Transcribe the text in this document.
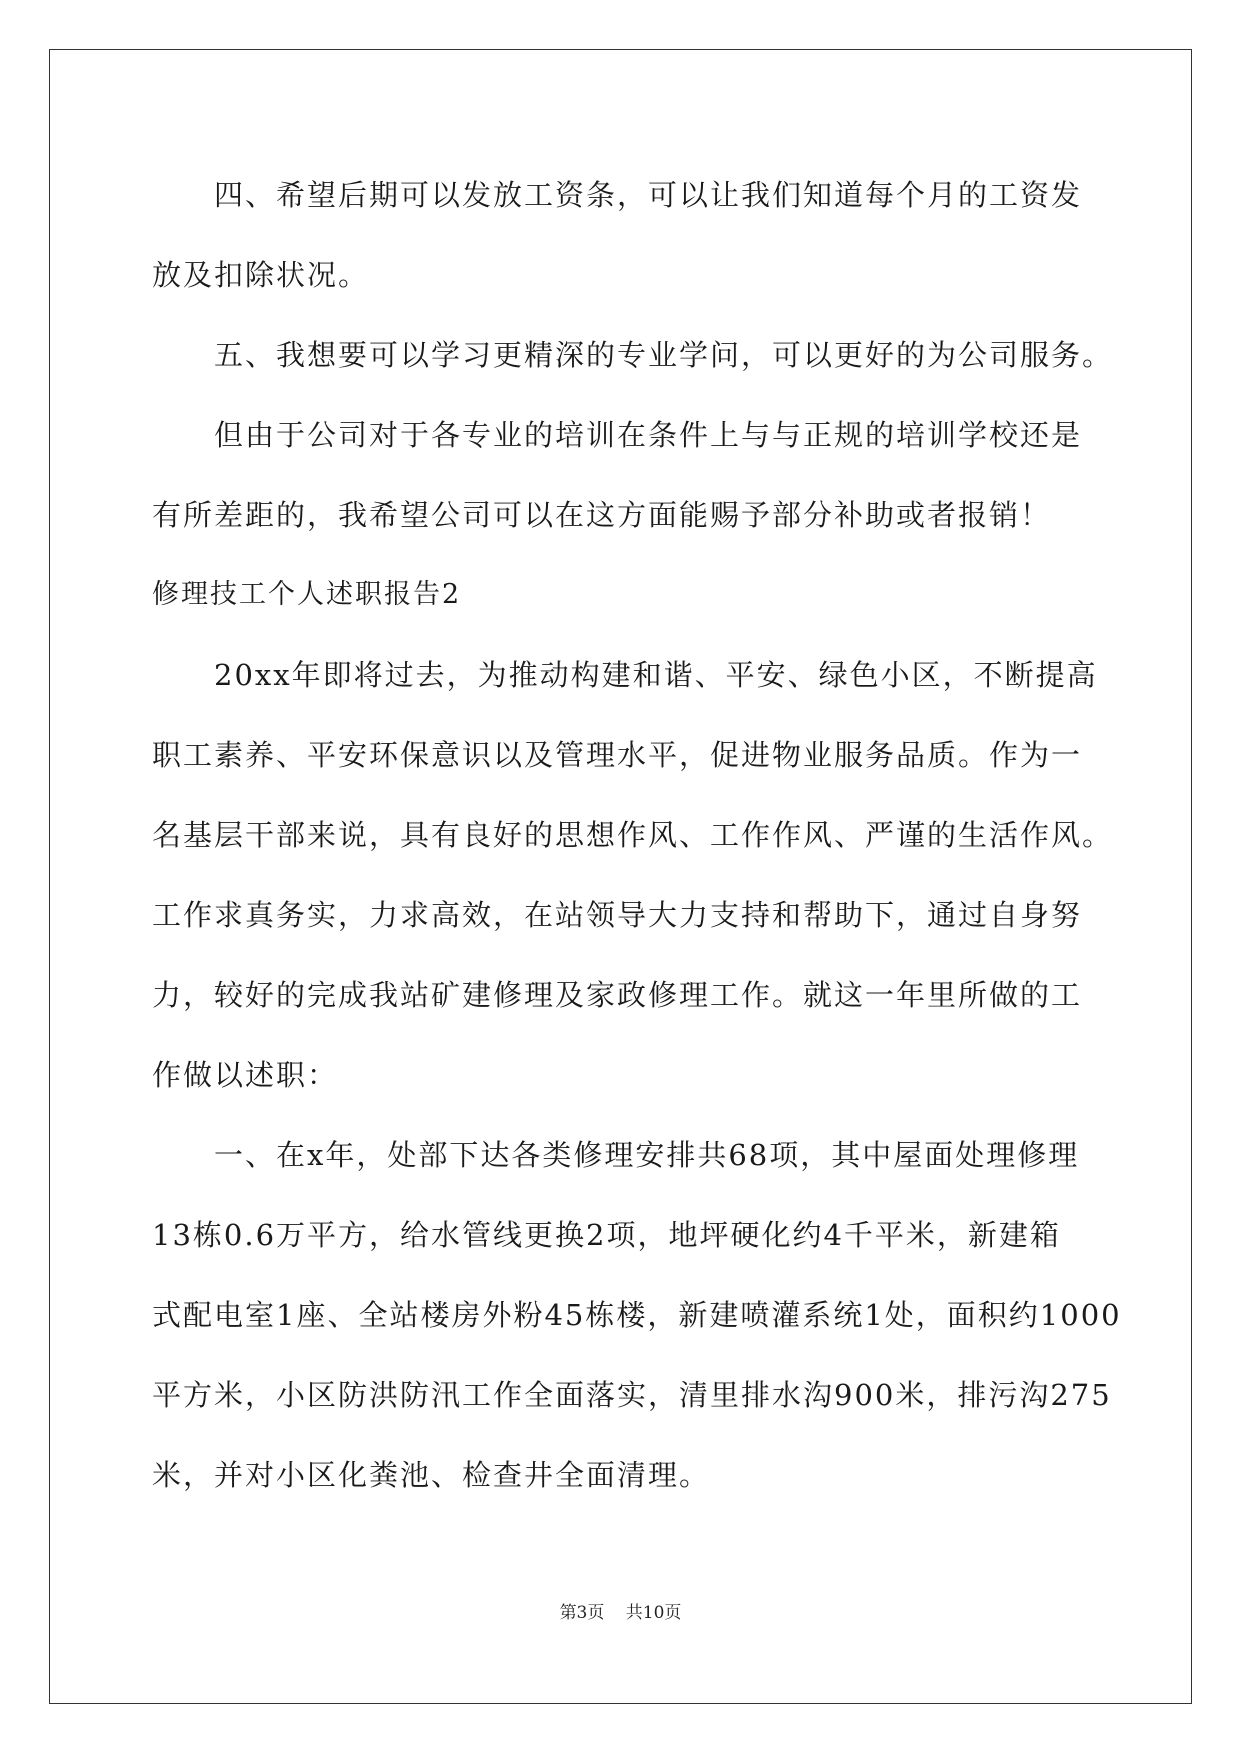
四、希望后期可以发放工资条，可以让我们知道每个月的工资发

放及扣除状况。

五、我想要可以学习更精深的专业学问，可以更好的为公司服务。

但由于公司对于各专业的培训在条件上与与正规的培训学校还是

有所差距的，我希望公司可以在这方面能赐予部分补助或者报销！

修理技工个人述职报告2

20xx年即将过去，为推动构建和谐、平安、绿色小区，不断提高

职工素养、平安环保意识以及管理水平，促进物业服务品质。作为一

名基层干部来说，具有良好的思想作风、工作作风、严谨的生活作风。

工作求真务实，力求高效，在站领导大力支持和帮助下，通过自身努

力，较好的完成我站矿建修理及家政修理工作。就这一年里所做的工

作做以述职：

一、在x年，处部下达各类修理安排共68项，其中屋面处理修理

13栋0.6万平方，给水管线更换2项，地坪硬化约4千平米，新建箱

式配电室1座、全站楼房外粉45栋楼，新建喷灌系统1处，面积约1000

平方米，小区防洪防汛工作全面落实，清里排水沟900米，排污沟275

米，并对小区化粪池、检查井全面清理。

第3页 共10页
